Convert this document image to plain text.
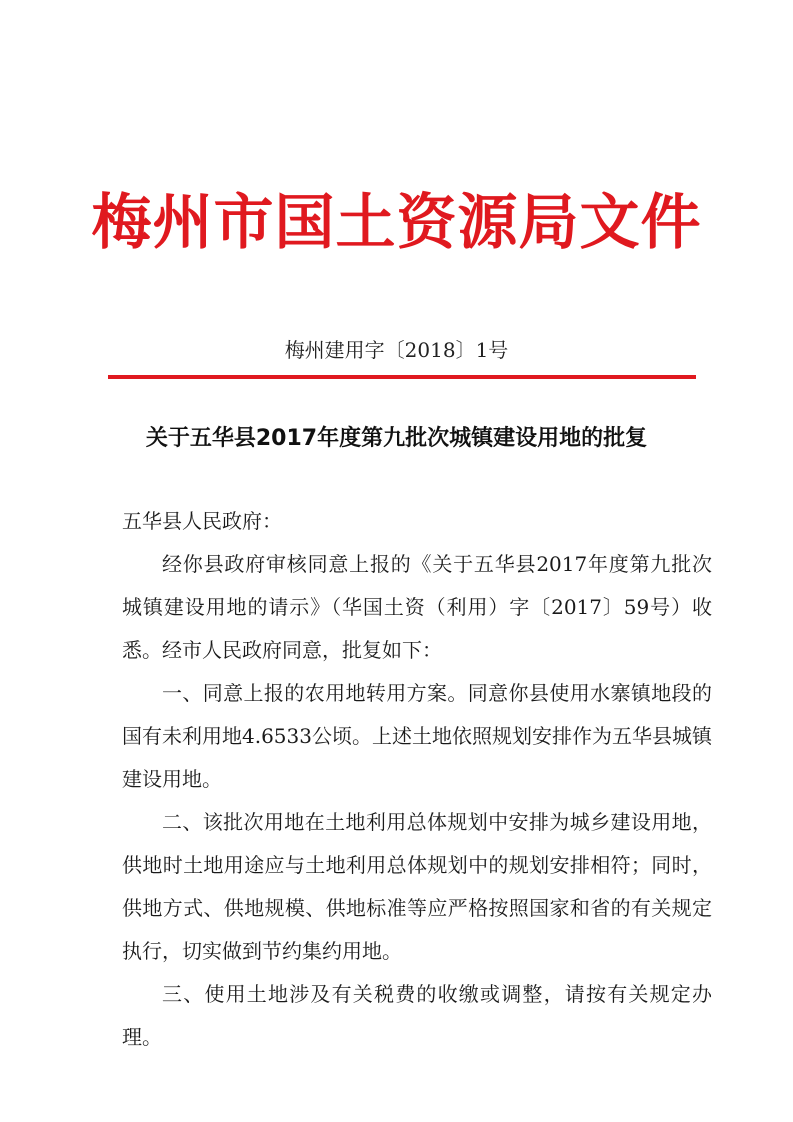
梅州市国土资源局文件
梅州建用字〔2018〕1号
关于五华县2017年度第九批次城镇建设用地的批复

五华县人民政府：

经你县政府审核同意上报的《关于五华县2017年度第九批次城镇建设用地的请示》（华国土资（利用）字〔2017〕59号）收悉。经市人民政府同意，批复如下：

一、同意上报的农用地转用方案。同意你县使用水寨镇地段的国有未利用地4.6533公顷。上述土地依照规划安排作为五华县城镇建设用地。

二、该批次用地在土地利用总体规划中安排为城乡建设用地，供地时土地用途应与土地利用总体规划中的规划安排相符；同时，供地方式、供地规模、供地标准等应严格按照国家和省的有关规定执行，切实做到节约集约用地。

三、使用土地涉及有关税费的收缴或调整，请按有关规定办理。
